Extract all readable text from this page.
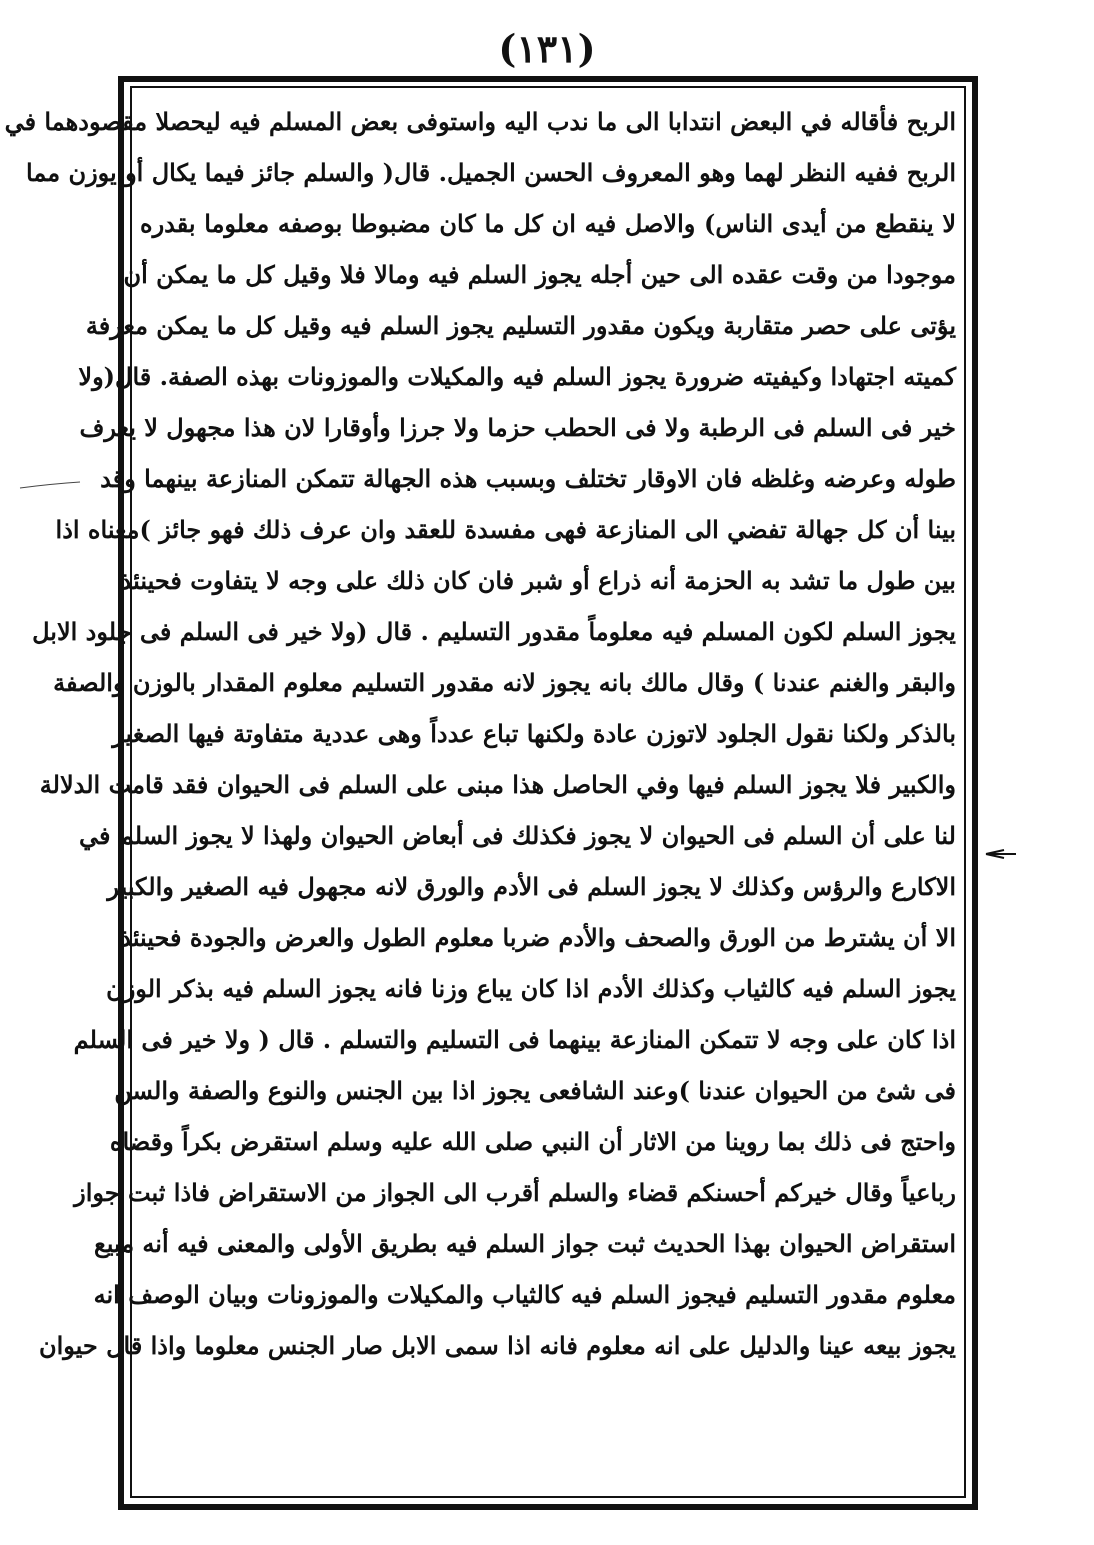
(١٣١)
الربح فأقاله في البعض انتدابا الى ما ندب اليه واستوفى بعض المسلم فيه ليحصلا مقصودهما في
الربح ففيه النظر لهما وهو المعروف الحسن الجميل. قال( والسلم جائز فيما يكال أو يوزن مما
لا ينقطع من أيدى الناس) والاصل فيه ان كل ما كان مضبوطا بوصفه معلوما بقدره
موجودا من وقت عقده الى حين أجله يجوز السلم فيه ومالا فلا وقيل كل ما يمكن أن
يؤتى على حصر متقاربة ويكون مقدور التسليم يجوز السلم فيه وقيل كل ما يمكن معرفة
كميته اجتهادا وكيفيته ضرورة يجوز السلم فيه والمكيلات والموزونات بهذه الصفة. قال(ولا
خير فى السلم فى الرطبة ولا فى الحطب حزما ولا جرزا وأوقارا لان هذا مجهول لا يعرف
طوله وعرضه وغلظه فان الاوقار تختلف وبسبب هذه الجهالة تتمكن المنازعة بينهما وقد
بينا أن كل جهالة تفضي الى المنازعة فهى مفسدة للعقد وان عرف ذلك فهو جائز )معناه اذا
بين طول ما تشد به الحزمة أنه ذراع أو شبر فان كان ذلك على وجه لا يتفاوت فحينئذ
يجوز السلم لكون المسلم فيه معلوماً مقدور التسليم . قال (ولا خير فى السلم فى جلود الابل
والبقر والغنم عندنا ) وقال مالك بانه يجوز لانه مقدور التسليم معلوم المقدار بالوزن والصفة
بالذكر ولكنا نقول الجلود لاتوزن عادة ولكنها تباع عدداً وهى عددية متفاوتة فيها الصغير
والكبير فلا يجوز السلم فيها وفي الحاصل هذا مبنى على السلم فى الحيوان فقد قامت الدلالة
لنا على أن السلم فى الحيوان لا يجوز فكذلك فى أبعاض الحيوان ولهذا لا يجوز السلم في
الاكارع والرؤس وكذلك لا يجوز السلم فى الأدم والورق لانه مجهول فيه الصغير والكبير
الا أن يشترط من الورق والصحف والأدم ضربا معلوم الطول والعرض والجودة فحينئذ
يجوز السلم فيه كالثياب وكذلك الأدم اذا كان يباع وزنا فانه يجوز السلم فيه بذكر الوزن
اذا كان على وجه لا تتمكن المنازعة بينهما فى التسليم والتسلم . قال ( ولا خير فى السلم
فى شئ من الحيوان عندنا )وعند الشافعى يجوز اذا بين الجنس والنوع والصفة والسن
واحتج فى ذلك بما روينا من الاثار أن النبي صلى الله عليه وسلم استقرض بكراً وقضاه
رباعياً وقال خيركم أحسنكم قضاء والسلم أقرب الى الجواز من الاستقراض فاذا ثبت جواز
استقراض الحيوان بهذا الحديث ثبت جواز السلم فيه بطريق الأولى والمعنى فيه أنه مبيع
معلوم مقدور التسليم فيجوز السلم فيه كالثياب والمكيلات والموزونات وبيان الوصف انه
يجوز بيعه عينا والدليل على انه معلوم فانه اذا سمى الابل صار الجنس معلوما واذا قال حيوان
